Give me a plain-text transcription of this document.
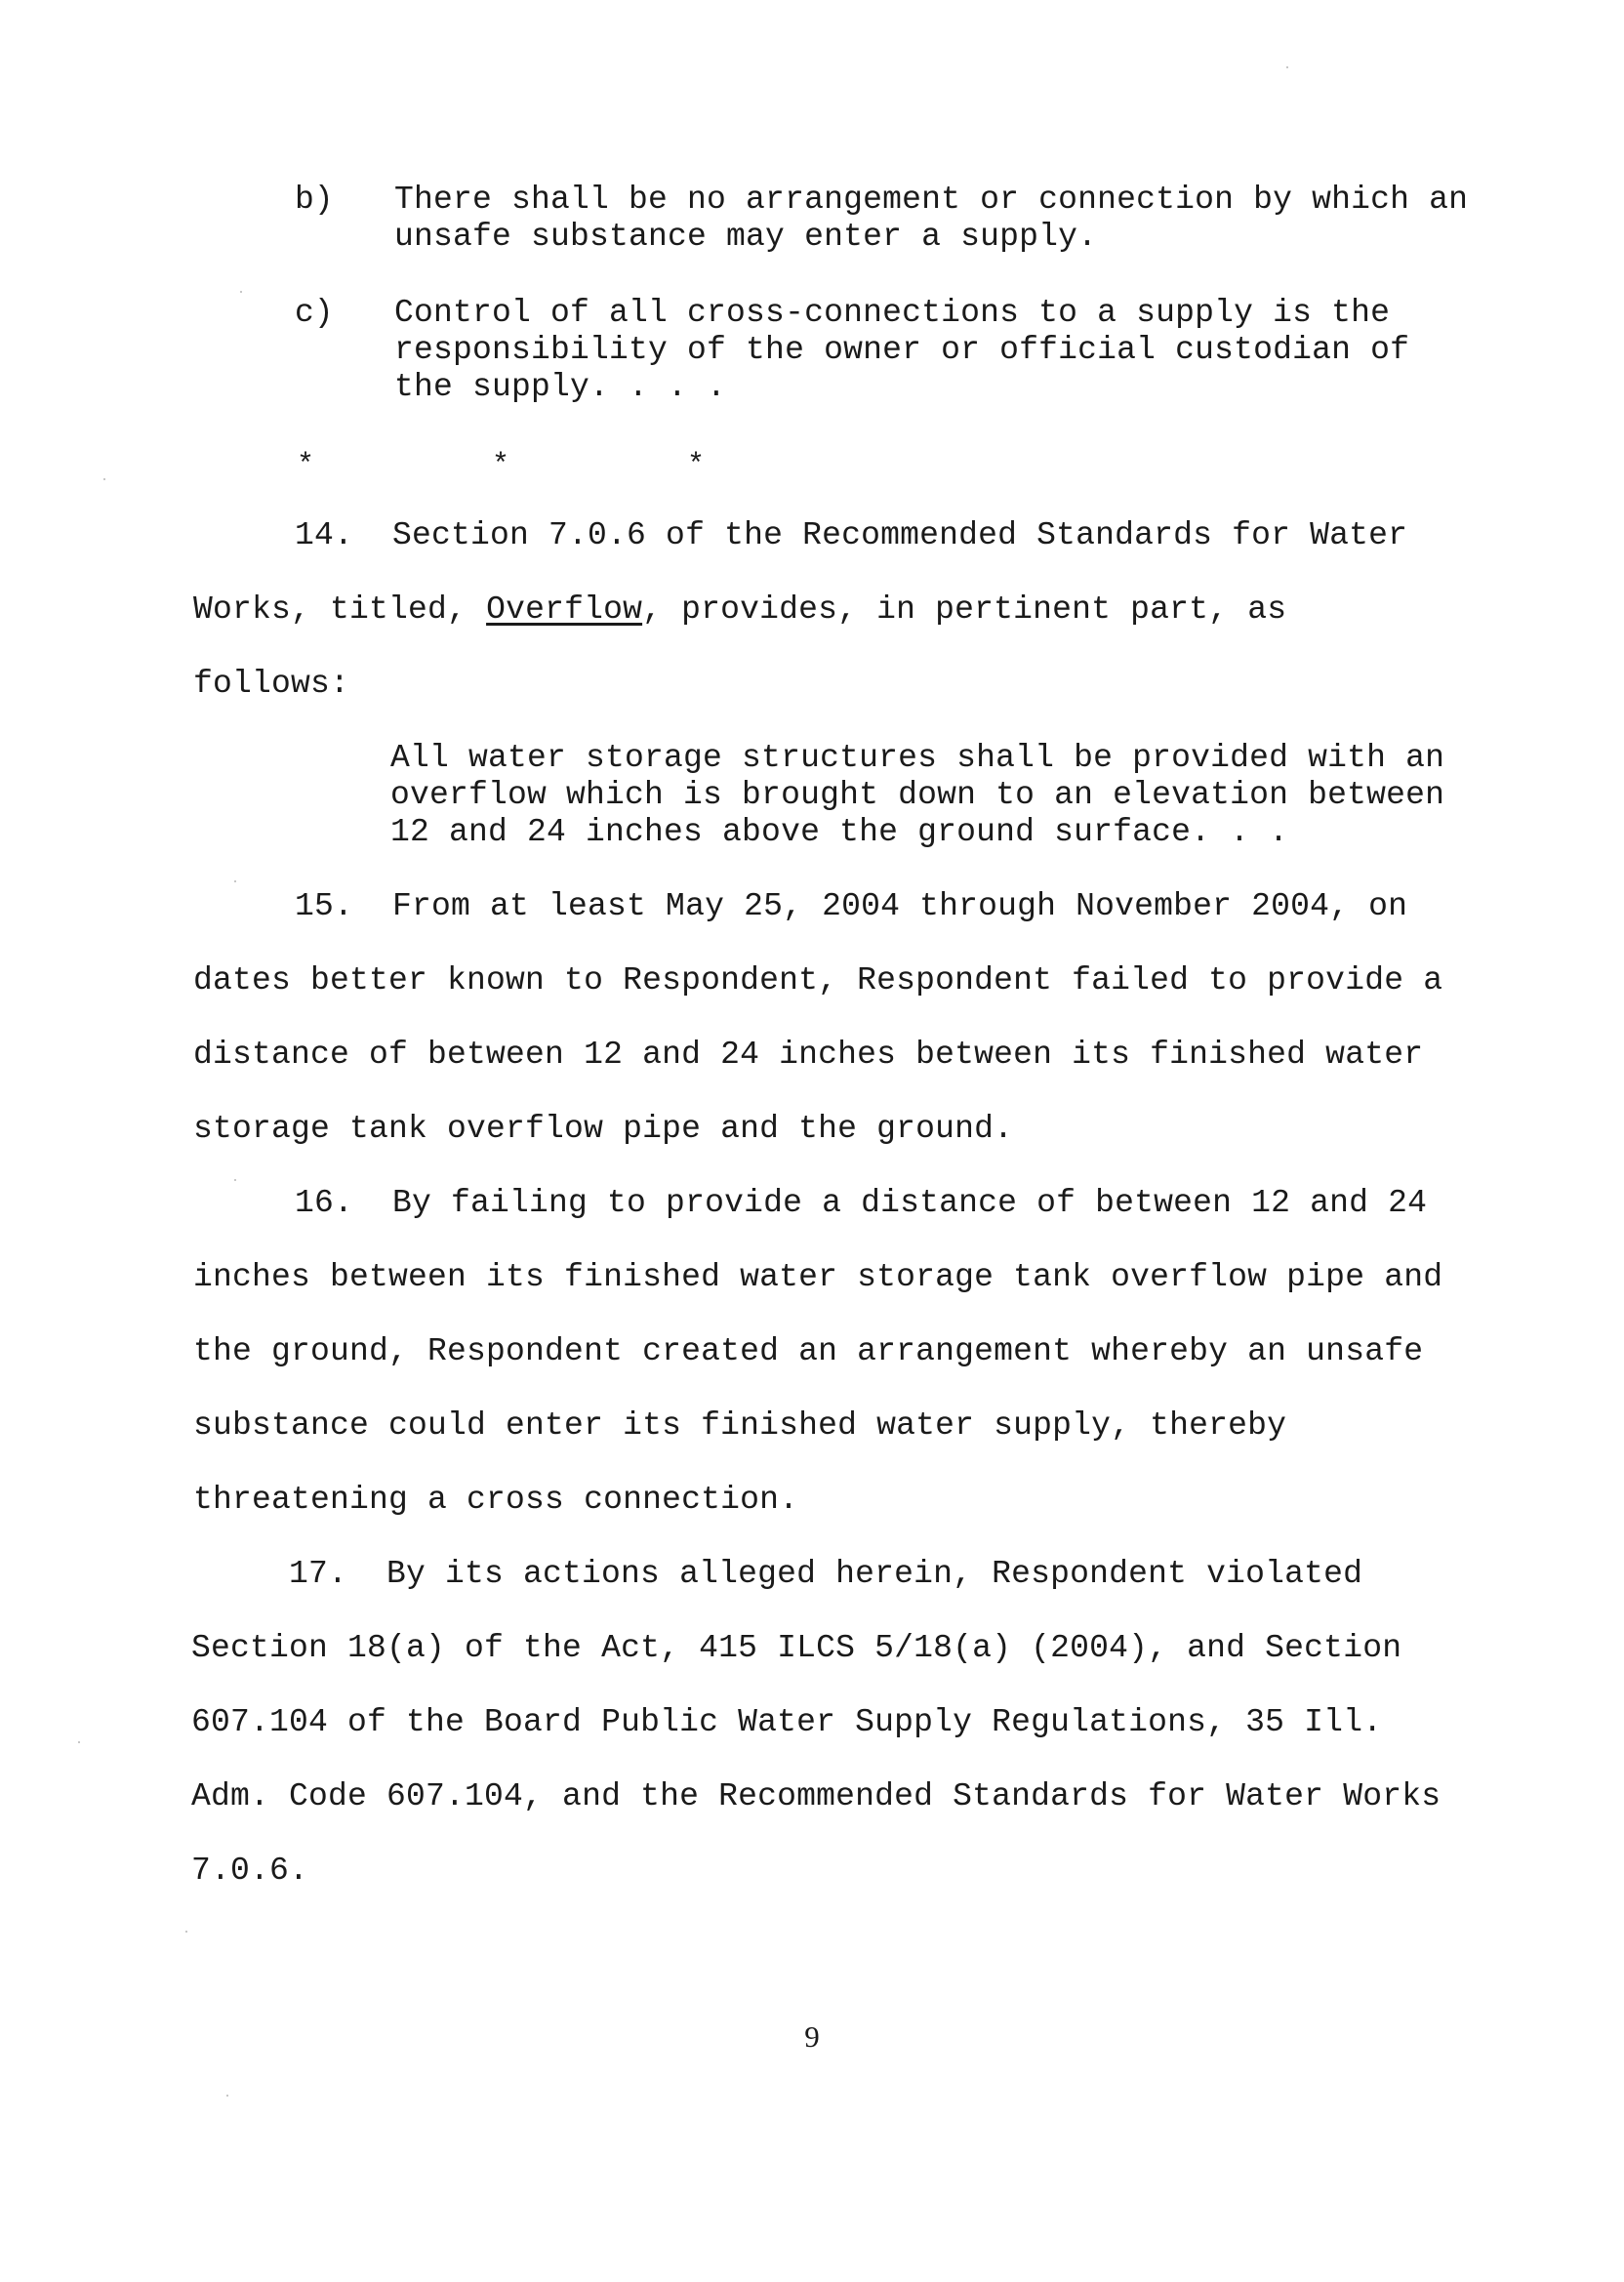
b) There shall be no arrangement or connection by which an
unsafe substance may enter a supply.
c) Control of all cross-connections to a supply is the
responsibility of the owner or official custodian of
the supply. . . .
*	*	*
14.  Section 7.0.6 of the Recommended Standards for Water
Works, titled, Overflow, provides, in pertinent part, as
follows:
All water storage structures shall be provided with an
overflow which is brought down to an elevation between
12 and 24 inches above the ground surface. . .
15.  From at least May 25, 2004 through November 2004, on
dates better known to Respondent, Respondent failed to provide a
distance of between 12 and 24 inches between its finished water
storage tank overflow pipe and the ground.
16.  By failing to provide a distance of between 12 and 24
inches between its finished water storage tank overflow pipe and
the ground, Respondent created an arrangement whereby an unsafe
substance could enter its finished water supply, thereby
threatening a cross connection.
17.  By its actions alleged herein, Respondent violated
Section 18(a) of the Act, 415 ILCS 5/18(a) (2004), and Section
607.104 of the Board Public Water Supply Regulations, 35 Ill.
Adm. Code 607.104, and the Recommended Standards for Water Works
7.0.6.
9
